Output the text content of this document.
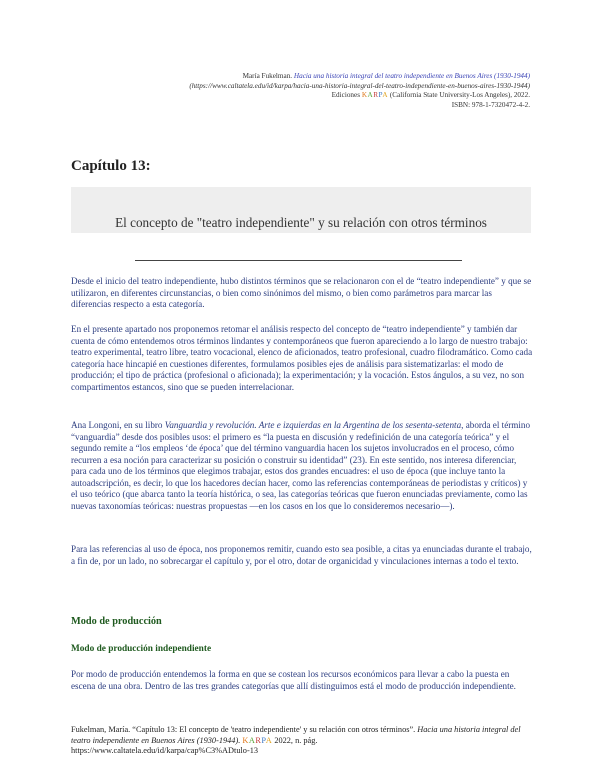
María Fukelman. Hacia una historia integral del teatro independiente en Buenos Aires (1930-1944)
(https://www.caltatela.edu/id/karpa/hacia-una-historia-integral-del-teatro-independiente-en-buenos-aires-1930-1944)
Ediciones KARPA (California State University-Los Angeles), 2022.
ISBN: 978-1-7320472-4-2.
Capítulo 13:
El concepto de "teatro independiente" y su relación con otros términos
Desde el inicio del teatro independiente, hubo distintos términos que se relacionaron con el de “teatro independiente” y que se utilizaron, en diferentes circunstancias, o bien como sinónimos del mismo, o bien como parámetros para marcar las diferencias respecto a esta categoría.
En el presente apartado nos proponemos retomar el análisis respecto del concepto de “teatro independiente” y también dar cuenta de cómo entendemos otros términos lindantes y contemporáneos que fueron apareciendo a lo largo de nuestro trabajo: teatro experimental, teatro libre, teatro vocacional, elenco de aficionados, teatro profesional, cuadro filodramático. Como cada categoría hace hincapié en cuestiones diferentes, formulamos posibles ejes de análisis para sistematizarlas: el modo de producción; el tipo de práctica (profesional o aficionada); la experimentación; y la vocación. Estos ángulos, a su vez, no son compartimentos estancos, sino que se pueden interrelacionar.
Ana Longoni, en su libro Vanguardia y revolución. Arte e izquierdas en la Argentina de los sesenta-setenta, aborda el término “vanguardia” desde dos posibles usos: el primero es “la puesta en discusión y redefinición de una categoría teórica” y el segundo remite a “los empleos ‘de época’ que del término vanguardia hacen los sujetos involucrados en el proceso, cómo recurren a esa noción para caracterizar su posición o construir su identidad” (23). En este sentido, nos interesa diferenciar, para cada uno de los términos que elegimos trabajar, estos dos grandes encuadres: el uso de época (que incluye tanto la autoadscripción, es decir, lo que los hacedores decían hacer, como las referencias contemporáneas de periodistas y críticos) y el uso teórico (que abarca tanto la teoría histórica, o sea, las categorías teóricas que fueron enunciadas previamente, como las nuevas taxonomías teóricas: nuestras propuestas —en los casos en los que lo consideremos necesario—).
Para las referencias al uso de época, nos proponemos remitir, cuando esto sea posible, a citas ya enunciadas durante el trabajo, a fin de, por un lado, no sobrecargar el capítulo y, por el otro, dotar de organicidad y vinculaciones internas a todo el texto.
Modo de producción
Modo de producción independiente
Por modo de producción entendemos la forma en que se costean los recursos económicos para llevar a cabo la puesta en escena de una obra. Dentro de las tres grandes categorías que allí distinguimos está el modo de producción independiente.
Fukelman, María. “Capítulo 13: El concepto de 'teatro independiente' y su relación con otros términos”. Hacia una historia integral del teatro independiente en Buenos Aires (1930-1944). KARPA 2022, n. pág.
https://www.caltatela.edu/id/karpa/cap%C3%ADtulo-13
